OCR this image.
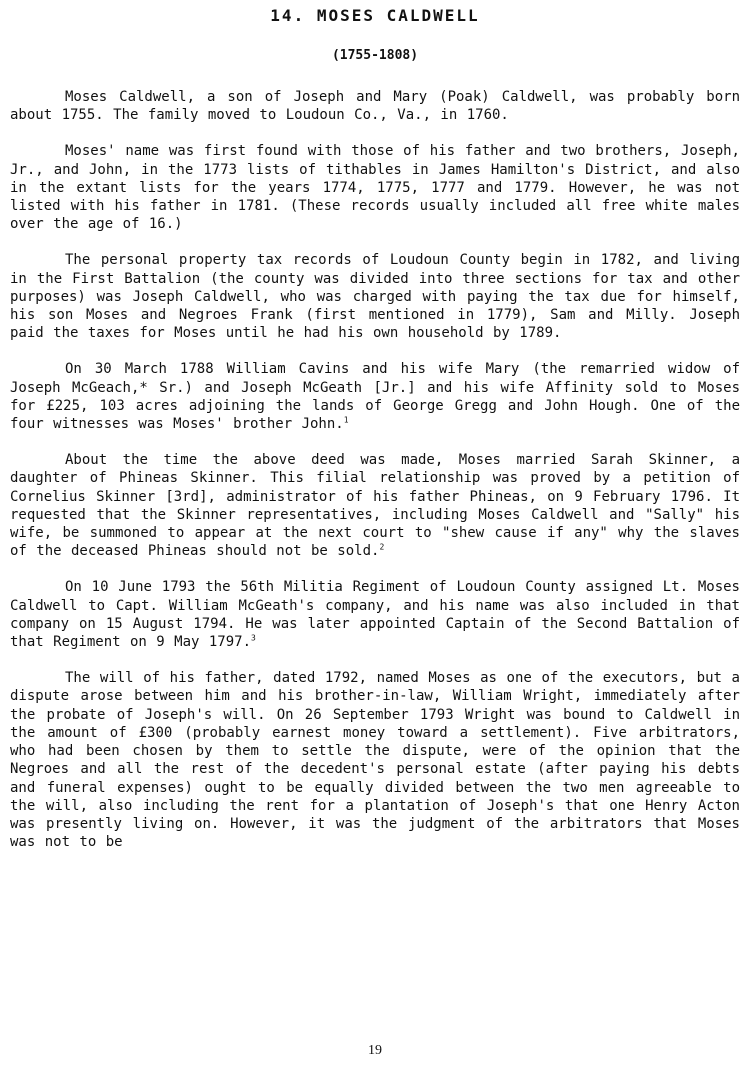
14. MOSES CALDWELL
(1755-1808)

Moses Caldwell, a son of Joseph and Mary (Poak) Caldwell, was probably born about 1755. The family moved to Loudoun Co., Va., in 1760.

Moses' name was first found with those of his father and two brothers, Joseph, Jr., and John, in the 1773 lists of tithables in James Hamilton's District, and also in the extant lists for the years 1774, 1775, 1777 and 1779. However, he was not listed with his father in 1781. (These records usually included all free white males over the age of 16.)

The personal property tax records of Loudoun County begin in 1782, and living in the First Battalion (the county was divided into three sections for tax and other purposes) was Joseph Caldwell, who was charged with paying the tax due for himself, his son Moses and Negroes Frank (first mentioned in 1779), Sam and Milly. Joseph paid the taxes for Moses until he had his own household by 1789.

On 30 March 1788 William Cavins and his wife Mary (the remarried widow of Joseph McGeach,* Sr.) and Joseph McGeath [Jr.] and his wife Affinity sold to Moses for £225, 103 acres adjoining the lands of George Gregg and John Hough. One of the four witnesses was Moses' brother John.$^1$

About the time the above deed was made, Moses married Sarah Skinner, a daughter of Phineas Skinner. This filial relationship was proved by a petition of Cornelius Skinner [3rd], administrator of his father Phineas, on 9 February 1796. It requested that the Skinner representatives, including Moses Caldwell and "Sally" his wife, be summoned to appear at the next court to "shew cause if any" why the slaves of the deceased Phineas should not be sold.$^2$

On 10 June 1793 the 56th Militia Regiment of Loudoun County assigned Lt. Moses Caldwell to Capt. William McGeath's company, and his name was also included in that company on 15 August 1794. He was later appointed Captain of the Second Battalion of that Regiment on 9 May 1797.$^3$

The will of his father, dated 1792, named Moses as one of the executors, but a dispute arose between him and his brother-in-law, William Wright, immediately after the probate of Joseph's will. On 26 September 1793 Wright was bound to Caldwell in the amount of £300 (probably earnest money toward a settlement). Five arbitrators, who had been chosen by them to settle the dispute, were of the opinion that the Negroes and all the rest of the decedent's personal estate (after paying his debts and funeral expenses) ought to be equally divided between the two men agreeable to the will, also including the rent for a plantation of Joseph's that one Henry Acton was presently living on. However, it was the judgment of the arbitrators that Moses was not to be

19
